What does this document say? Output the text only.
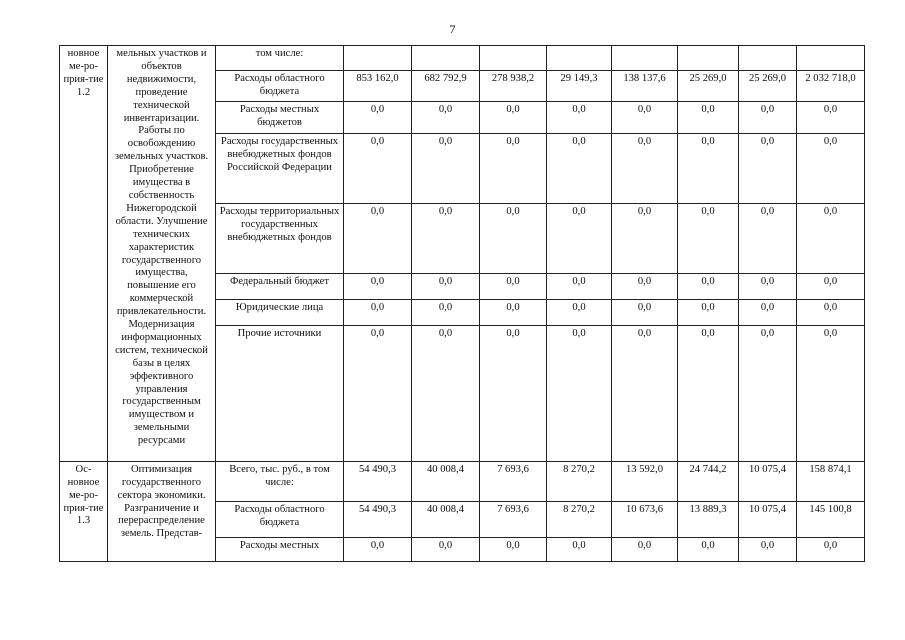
7
новное ме-ро-прия-тие 1.2	мельных участков и объектов недвижимости, проведение технической инвентаризации. Работы по освобождению земельных участков. Приобретение имущества в собственность Нижегородской области. Улучшение технических характеристик государственного имущества, повышение его коммерческой привлекательности. Модернизация информационных систем, технической базы в целях эффективного управления государственным имуществом и земельными ресурсами	том числе:								
		Расходы областного бюджета	853 162,0	682 792,9	278 938,2	29 149,3	138 137,6	25 269,0	25 269,0	2 032 718,0
		Расходы местных бюджетов	0,0	0,0	0,0	0,0	0,0	0,0	0,0	0,0
		Расходы государственных внебюджетных фондов Российской Федерации	0,0	0,0	0,0	0,0	0,0	0,0	0,0	0,0
		Расходы территориальных государственных внебюджетных фондов	0,0	0,0	0,0	0,0	0,0	0,0	0,0	0,0
		Федеральный бюджет	0,0	0,0	0,0	0,0	0,0	0,0	0,0	0,0
		Юридические лица	0,0	0,0	0,0	0,0	0,0	0,0	0,0	0,0
		Прочие источники	0,0	0,0	0,0	0,0	0,0	0,0	0,0	0,0
Ос-новное ме-ро-прия-тие 1.3	Оптимизация государственного сектора экономики. Разграничение и перераспределение земель. Представ-	Всего, тыс. руб., в том числе:	54 490,3	40 008,4	7 693,6	8 270,2	13 592,0	24 744,2	10 075,4	158 874,1
		Расходы областного бюджета	54 490,3	40 008,4	7 693,6	8 270,2	10 673,6	13 889,3	10 075,4	145 100,8
		Расходы местных	0,0	0,0	0,0	0,0	0,0	0,0	0,0	0,0
